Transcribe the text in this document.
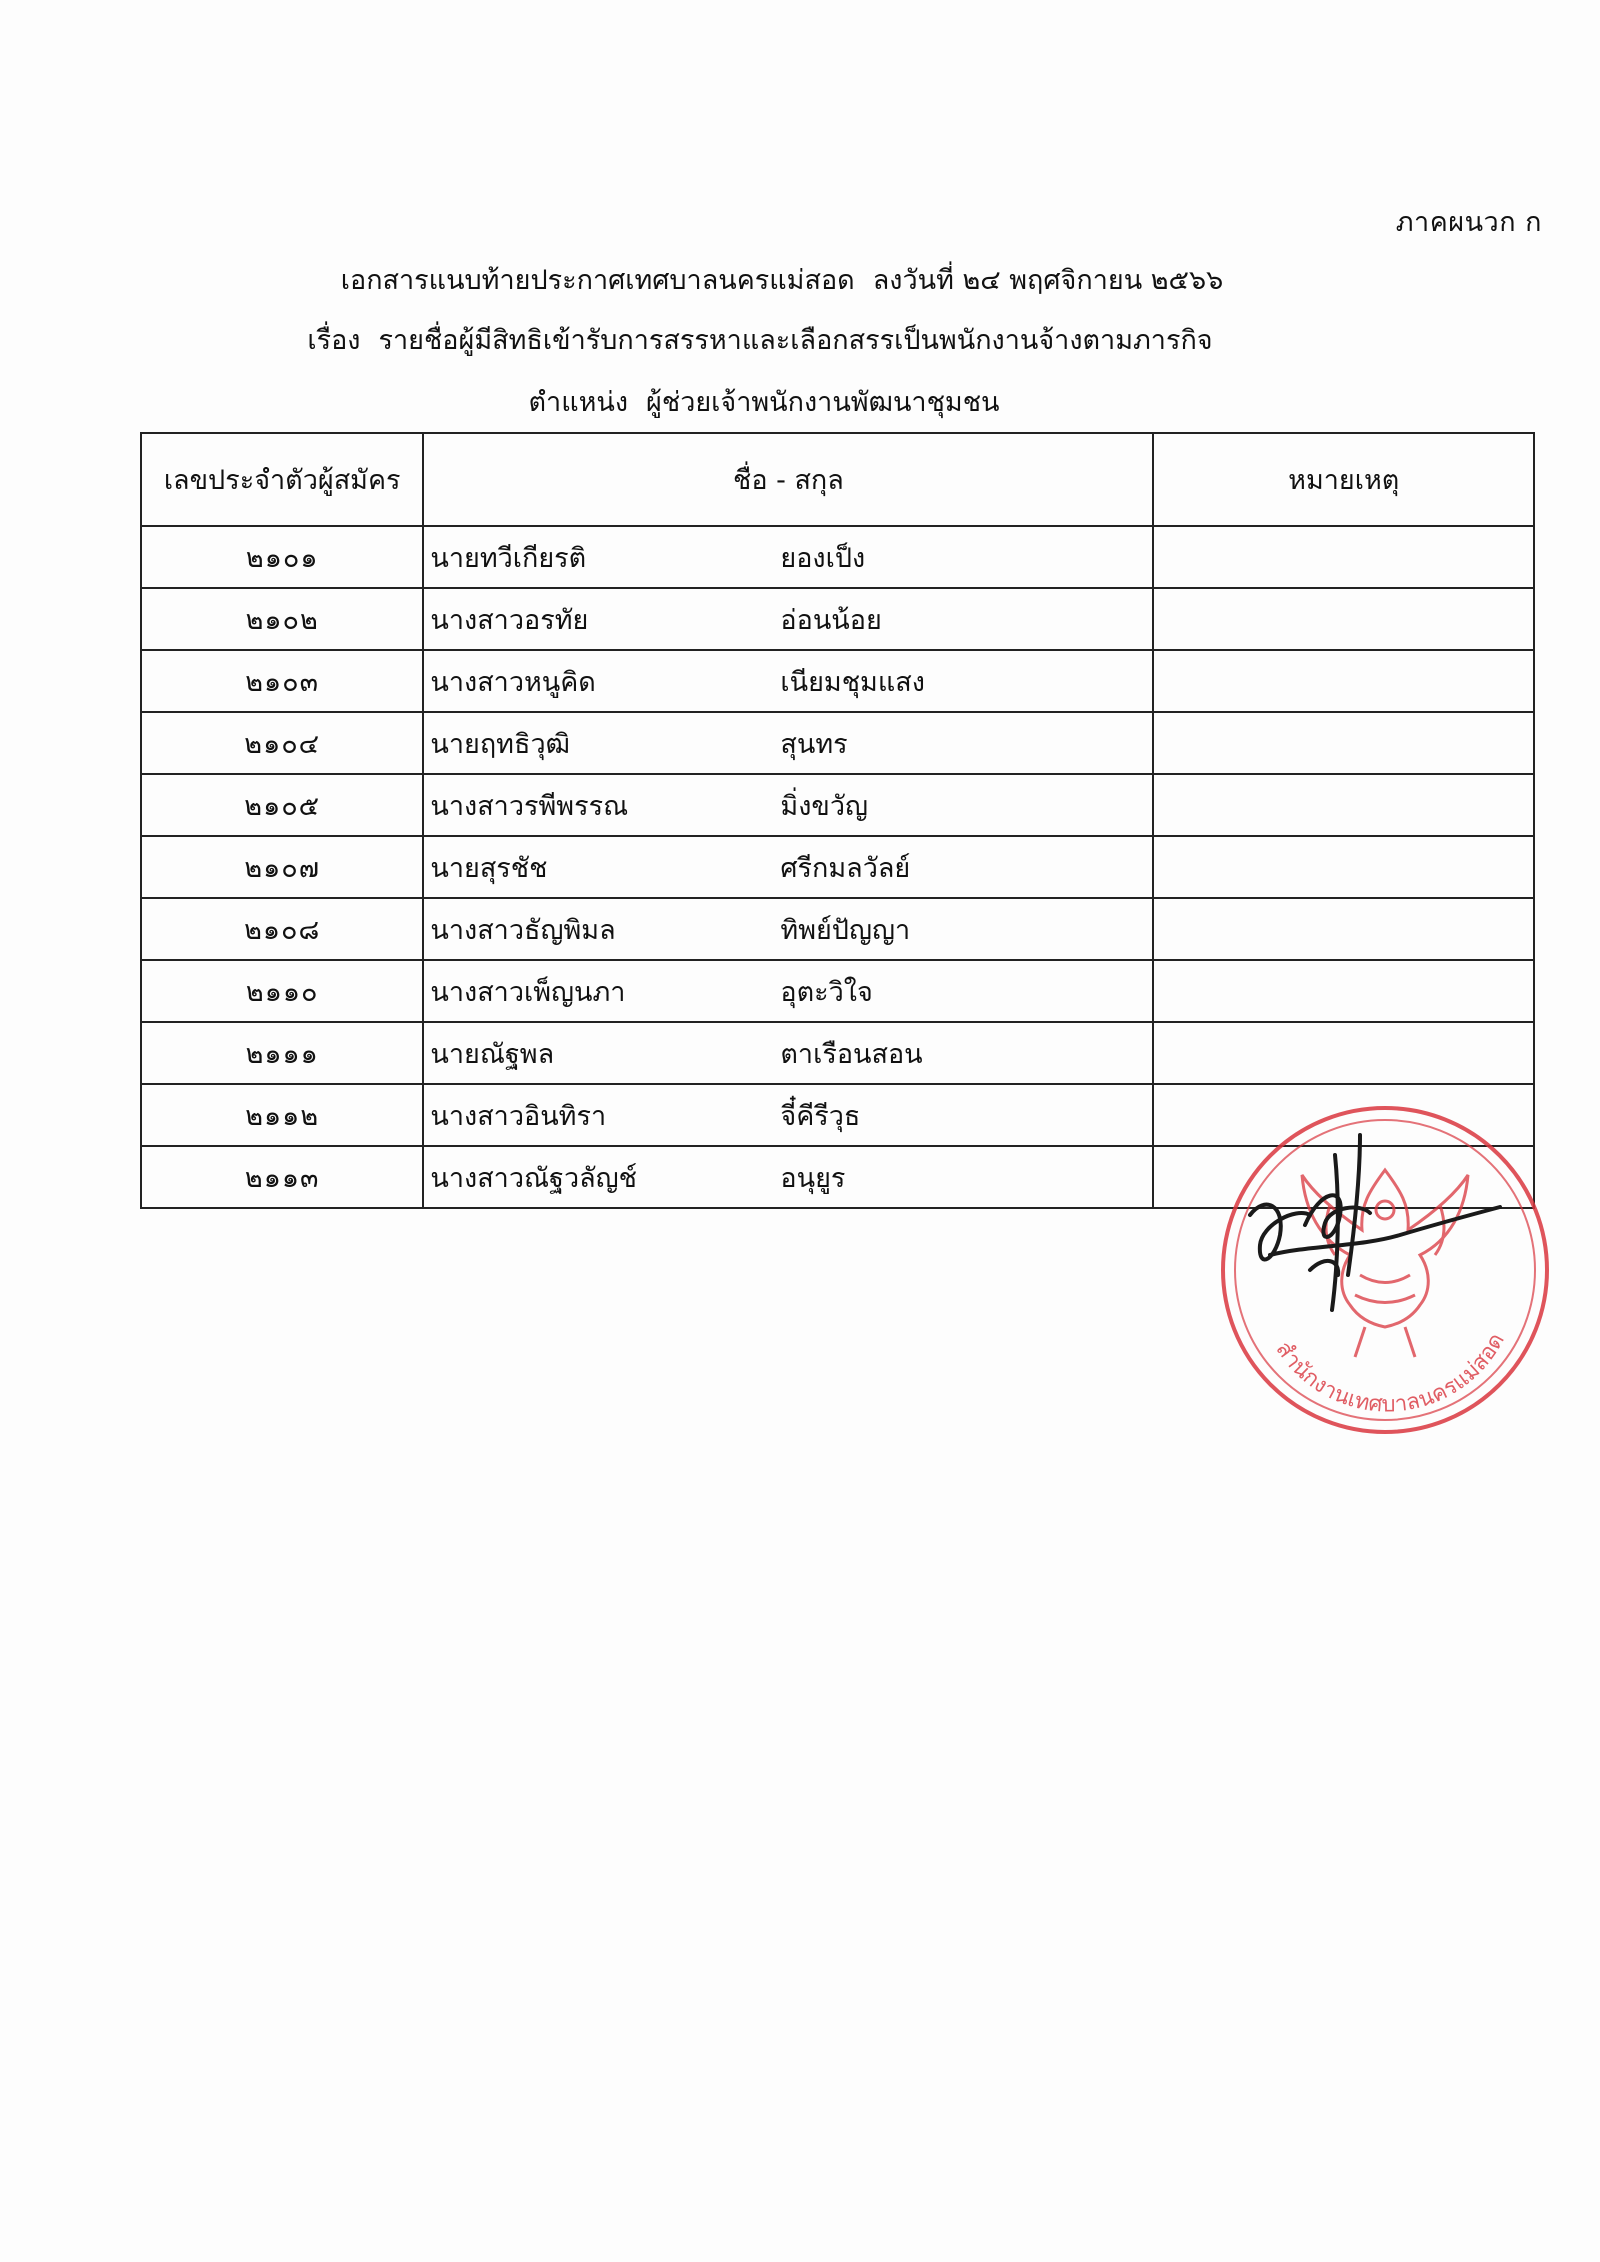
ภาคผนวก ก
เอกสารแนบท้ายประกาศเทศบาลนครแม่สอด ลงวันที่ ๒๔ พฤศจิกายน ๒๕๖๖
เรื่อง รายชื่อผู้มีสิทธิเข้ารับการสรรหาและเลือกสรรเป็นพนักงานจ้างตามภารกิจ
ตำแหน่ง ผู้ช่วยเจ้าพนักงานพัฒนาชุมชน
เลขประจำตัวผู้สมัคร	ชื่อ - สกุล	หมายเหตุ
๒๑๐๑	นายทวีเกียรติ ยองเป็ง	

๒๑๐๒	นางสาวอรทัย อ่อนน้อย	

๒๑๐๓	นางสาวหนูคิด เนียมชุมแสง	

๒๑๐๔	นายฤทธิวุฒิ สุนทร	

๒๑๐๕	นางสาวรพีพรรณ มิ่งขวัญ	

๒๑๐๗	นายสุรชัช ศรีกมลวัลย์	

๒๑๐๘	นางสาวธัญพิมล ทิพย์ปัญญา	

๒๑๑๐	นางสาวเพ็ญนภา อุตะวิใจ	

๒๑๑๑	นายณัฐพล ตาเรือนสอน	

๒๑๑๒	นางสาวอินทิรา จี๋คีรีวุธ	

๒๑๑๓	นางสาวณัฐวลัญช์ อนุยูร	

สำนักงานเทศบาลนครแม่สอด
